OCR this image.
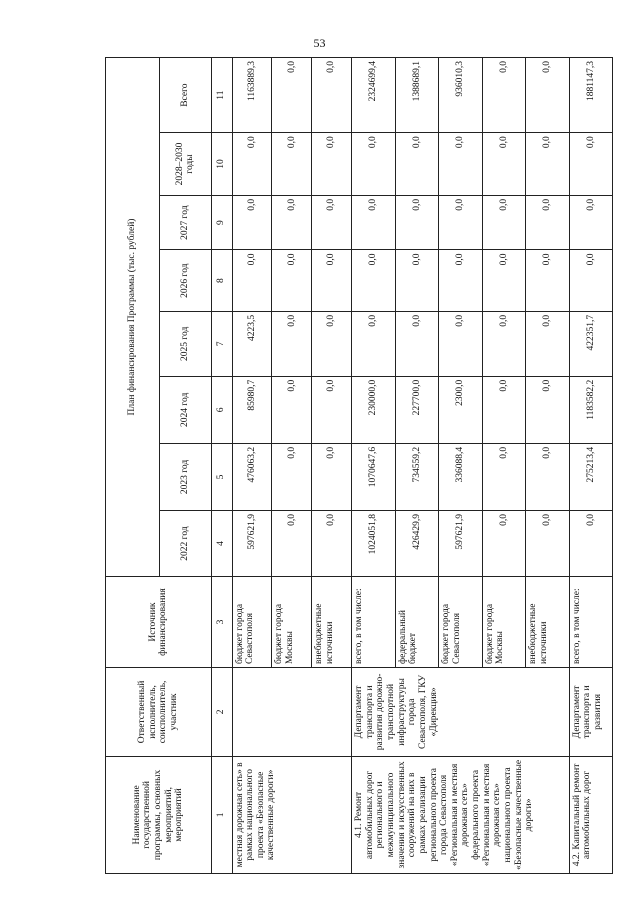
53
Наименование государственной программы, основных мероприятий, мероприятий	Ответственный исполнитель, соисполнитель, участник	Источник финансирования	План финансирования Программы (тыс. рублей)							
			2022 год	2023 год	2024 год	2025 год	2026 год	2027 год	2028–2030 годы	Всего
1	2	3	4	5	6	7	8	9	10	11
местная дорожная сеть» в рамках национального проекта «Безопасные качественные дороги»		бюджет города Севастополя	597621,9	476063,2	85980,7	4223,5	0,0	0,0	0,0	1163889,3
		бюджет города Москвы	0,0	0,0	0,0	0,0	0,0	0,0	0,0	0,0
		внебюджетные источники	0,0	0,0	0,0	0,0	0,0	0,0	0,0	0,0
4.1. Ремонт автомобильных дорог регионального и межмуниципального значения и искусственных сооружений на них в рамках реализации регионального проекта города Севастополя «Региональная и местная дорожная сеть» федерального проекта «Региональная и местная дорожная сеть» национального проекта «Безопасные качественные дороги»	Департамент транспорта и развития дорожно-транспортной инфраструктуры города Севастополя, ГКУ «Дирекция»	всего, в том числе:	1024051,8	1070647,6	230000,0	0,0	0,0	0,0	0,0	2324699,4
		федеральный бюджет	426429,9	734559,2	227700,0	0,0	0,0	0,0	0,0	1388689,1
		бюджет города Севастополя	597621,9	336088,4	2300,0	0,0	0,0	0,0	0,0	936010,3
		бюджет города Москвы	0,0	0,0	0,0	0,0	0,0	0,0	0,0	0,0
		внебюджетные источники	0,0	0,0	0,0	0,0	0,0	0,0	0,0	0,0
4.2. Капитальный ремонт автомобильных дорог	Департамент транспорта и развития	всего, в том числе:	0,0	275213,4	1183582,2	422351,7	0,0	0,0	0,0	1881147,3
